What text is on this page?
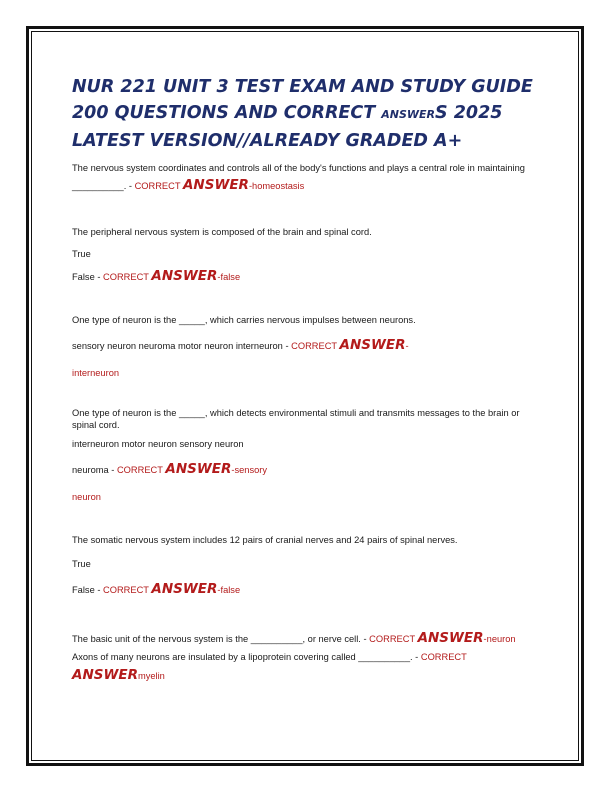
NUR 221 UNIT 3 TEST EXAM AND STUDY GUIDE 200 QUESTIONS AND CORRECT ANSWERS 2025 LATEST VERSION//ALREADY GRADED A+

The nervous system coordinates and controls all of the body's functions and plays a central role in maintaining __________. - CORRECT ANSWER-homeostasis

The peripheral nervous system is composed of the brain and spinal cord.

True

False - CORRECT ANSWER-false

One type of neuron is the _____, which carries nervous impulses between neurons.

sensory neuron neuroma motor neuron interneuron - CORRECT ANSWER-

interneuron

One type of neuron is the _____, which detects environmental stimuli and transmits messages to the brain or spinal cord.

interneuron motor neuron sensory neuron

neuroma - CORRECT ANSWER-sensory

neuron

The somatic nervous system includes 12 pairs of cranial nerves and 24 pairs of spinal nerves.

True

False - CORRECT ANSWER-false

The basic unit of the nervous system is the __________, or nerve cell. - CORRECT ANSWER-neuron

Axons of many neurons are insulated by a lipoprotein covering called __________. - CORRECT
ANSWERmyelin
